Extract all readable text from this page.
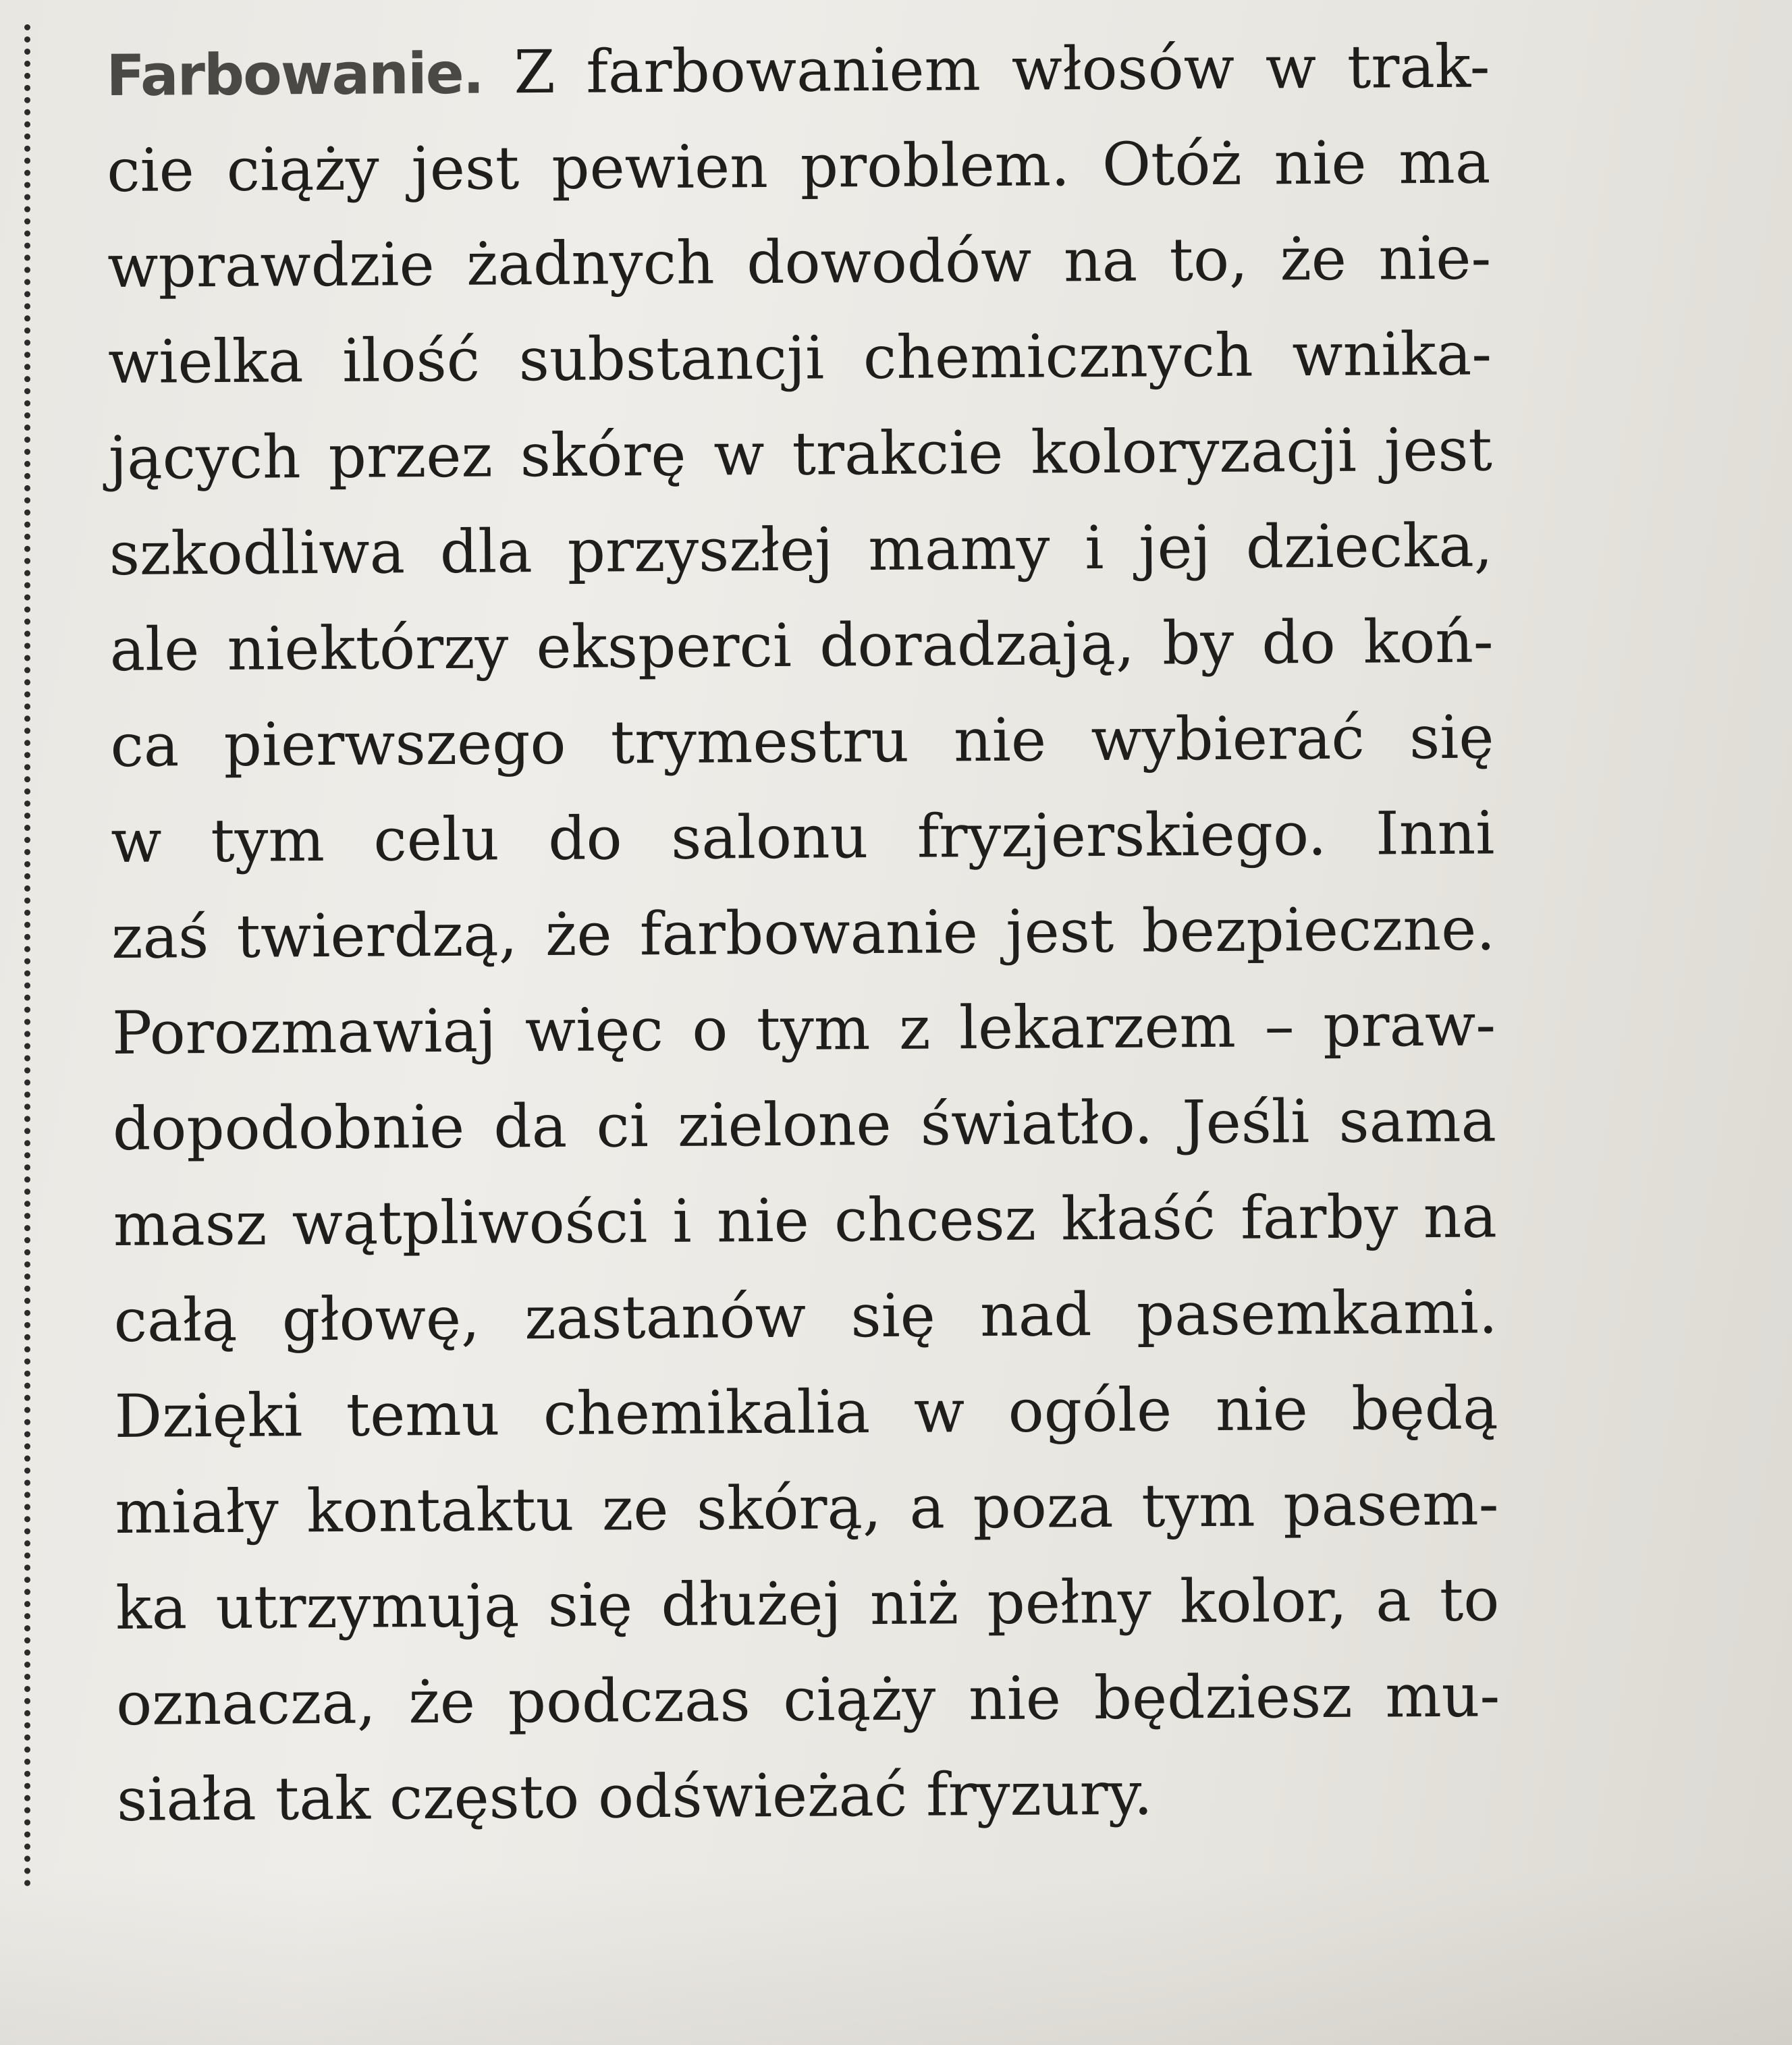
Farbowanie. Z farbowaniem włosów w trak-
cie ciąży jest pewien problem. Otóż nie ma
wprawdzie żadnych dowodów na to, że nie-
wielka ilość substancji chemicznych wnika-
jących przez skórę w trakcie koloryzacji jest
szkodliwa dla przyszłej mamy i jej dziecka,
ale niektórzy eksperci doradzają, by do koń-
ca pierwszego trymestru nie wybierać się
w tym celu do salonu fryzjerskiego. Inni
zaś twierdzą, że farbowanie jest bezpieczne.
Porozmawiaj więc o tym z lekarzem – praw-
dopodobnie da ci zielone światło. Jeśli sama
masz wątpliwości i nie chcesz kłaść farby na
całą głowę, zastanów się nad pasemkami.
Dzięki temu chemikalia w ogóle nie będą
miały kontaktu ze skórą, a poza tym pasem-
ka utrzymują się dłużej niż pełny kolor, a to
oznacza, że podczas ciąży nie będziesz mu-
siała tak często odświeżać fryzury.
